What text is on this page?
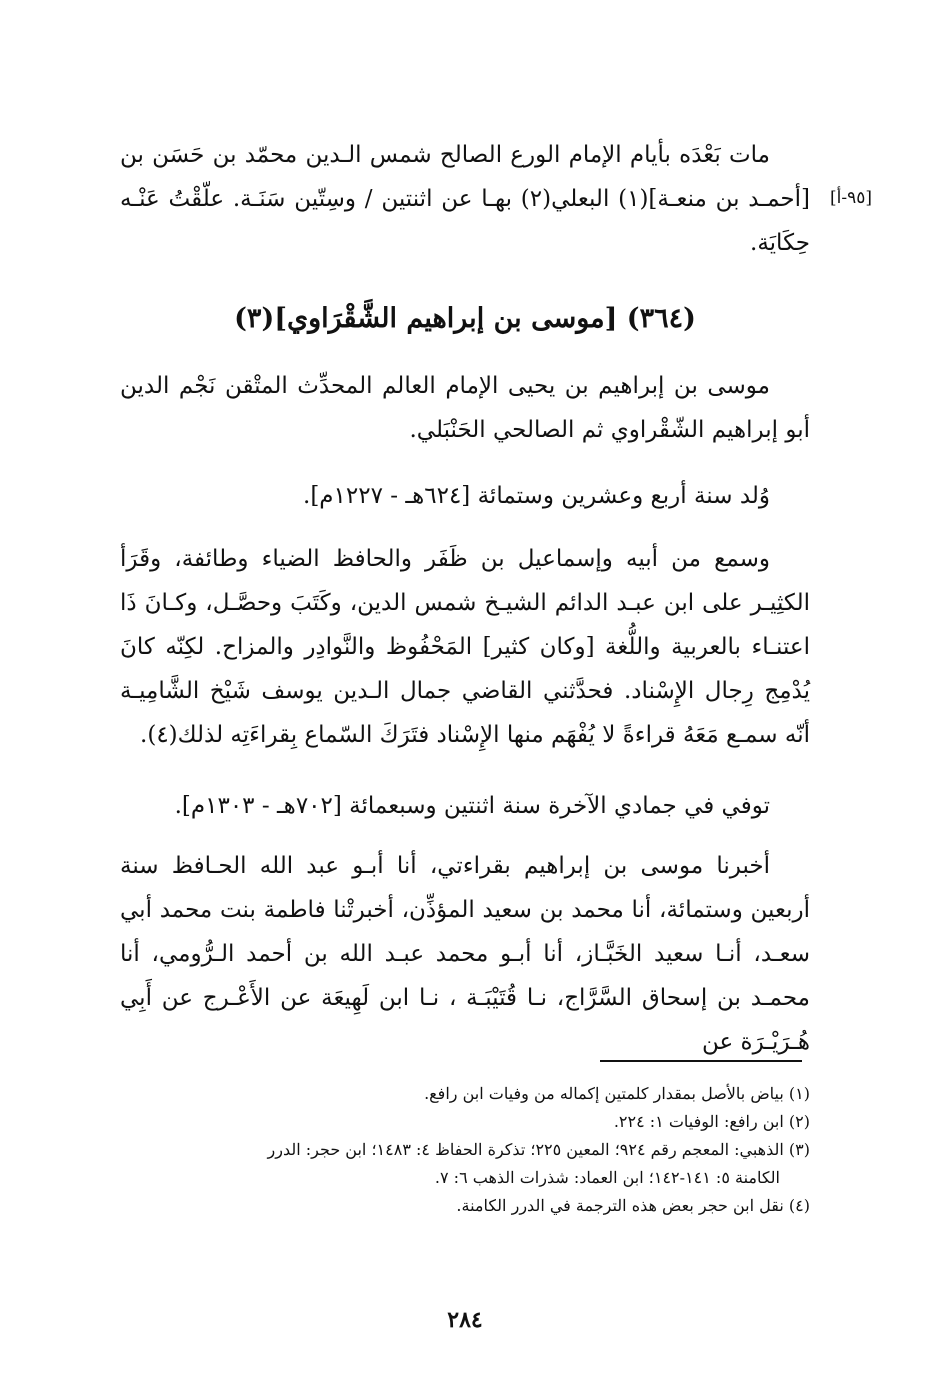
[٩٥-أ]
مات بَعْدَه بأيام الإمام الورع الصالح شمس الـدين محمّد بن حَسَن بن [أحمـد بن منعـة](١) البعلي(٢) بهـا عن اثنتين / وسِتّين سَنَـة. علّقْتُ عَنْـه حِكَايَة.
(٣٦٤) [موسى بن إبراهيم الشَّقْرَاوي](٣)
موسى بن إبراهيم بن يحيى الإمام العالم المحدِّث المتْقن نَجْم الدين أبو إبراهيم الشّقْراوي ثم الصالحي الحَنْبَلي.
وُلد سنة أربع وعشرين وستمائة [٦٢٤هـ - ١٢٢٧م].
وسمع من أبيه وإسماعيل بن ظَفَر والحافظ الضياء وطائفة، وقَرَأ الكثِيـر على ابن عبـد الدائم الشيـخ شمس الدين، وكَتَبَ وحصَّـل، وكـانَ ذَا اعتنـاء بالعربية واللُّغة [وكان كثير] المَحْفُوظ والنَّوادِر والمزاح. لكِنّه كانَ يُدْمِج رِجال الإِسْناد. فحدَّثني القاضي جمال الـدين يوسف شَيْخ الشَّامِيـة أنّه سمـع مَعَهُ قراءةً لا يُفْهَم منها الإِسْناد فتَرَكَ السّماع بِقراءَتِه لذلك(٤).
توفي في جمادي الآخرة سنة اثنتين وسبعمائة [٧٠٢هـ - ١٣٠٣م].
أخبرنا موسى بن إبراهيم بقراءتي، أنا أبـو عبد الله الحـافظ سنة أربعين وستمائة، أنا محمد بن سعيد المؤذِّن، أخبرتْنا فاطمة بنت محمد أبي سعـد، أنـا سعيد الخَبَّـاز، أنا أبـو محمد عبـد الله بن أحمد الـرُّومي، أنا محمـد بن إسحاق السَّرَّاج، نـا قُتَيْبَـة ، نـا ابن لَهِيعَة عن الأَعْـرج عن أَبِي هُـرَيْـرَة عن
(١) بياض بالأصل بمقدار كلمتين إكماله من وفيات ابن رافع.
(٢) ابن رافع: الوفيات ١: ٢٢٤.
(٣) الذهبي: المعجم رقم ٩٢٤؛ المعين ٢٢٥؛ تذكرة الحفاظ ٤: ١٤٨٣؛ ابن حجر: الدرر
الكامنة ٥: ١٤١-١٤٢؛ ابن العماد: شذرات الذهب ٦: ٧.
(٤) نقل ابن حجر بعض هذه الترجمة في الدرر الكامنة.
٢٨٤
